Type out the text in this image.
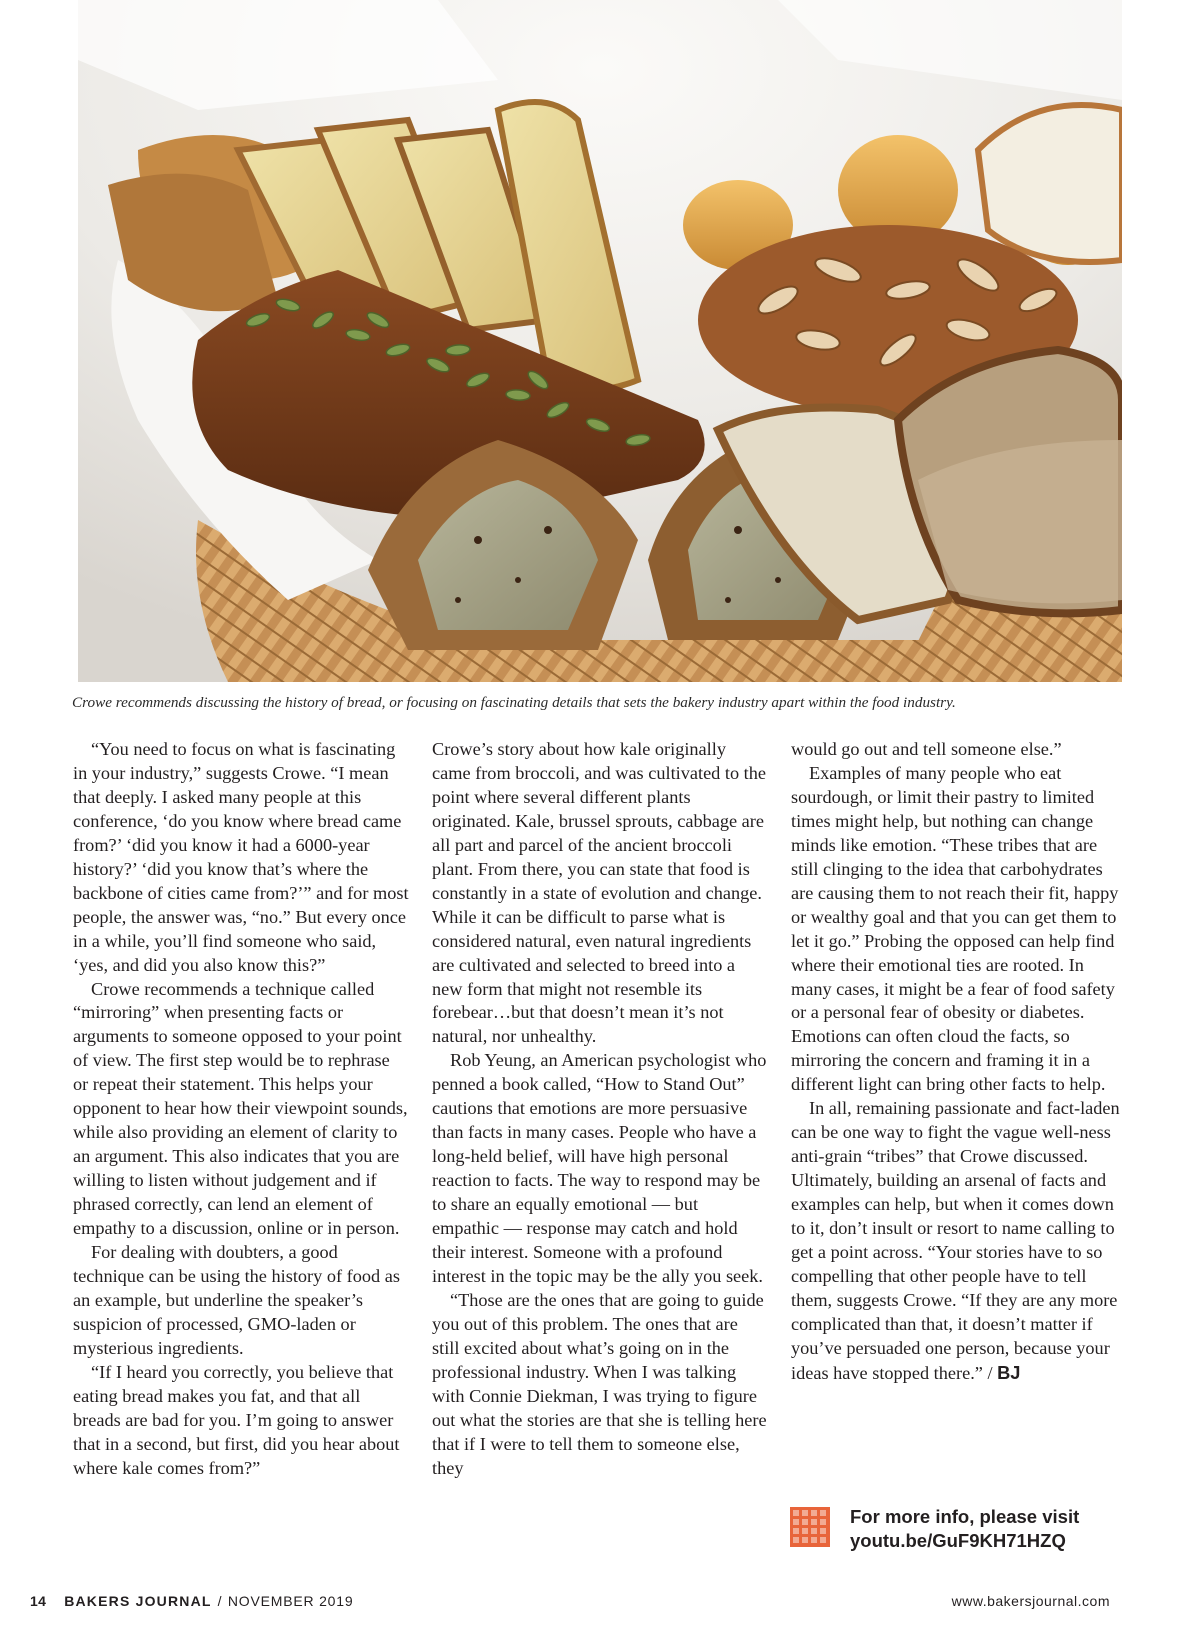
Crowe recommends discussing the history of bread, or focusing on fascinating details that sets the bakery industry apart within the food industry.

“You need to focus on what is fascinating in your industry,” suggests Crowe. “I mean that deeply. I asked many people at this conference, ‘do you know where bread came from?’ ‘did you know it had a 6000-year history?’ ‘did you know that’s where the backbone of cities came from?’” and for most people, the answer was, “no.” But every once in a while, you’ll find someone who said, ‘yes, and did you also know this?”

Crowe recommends a technique called “mirroring” when presenting facts or arguments to someone opposed to your point of view. The first step would be to rephrase or repeat their statement. This helps your opponent to hear how their viewpoint sounds, while also providing an element of clarity to an argument. This also indicates that you are willing to listen without judgement and if phrased correctly, can lend an element of empathy to a discussion, online or in person.

For dealing with doubters, a good technique can be using the history of food as an example, but underline the speaker’s suspicion of processed, GMO-laden or mysterious ingredients.

“If I heard you correctly, you believe that eating bread makes you fat, and that all breads are bad for you. I’m going to answer that in a second, but first, did you hear about where kale comes from?”

Crowe’s story about how kale originally came from broccoli, and was cultivated to the point where several different plants originated. Kale, brussel sprouts, cabbage are all part and parcel of the ancient broccoli plant. From there, you can state that food is constantly in a state of evolution and change. While it can be difficult to parse what is considered natural, even natural ingredients are cultivated and selected to breed into a new form that might not resemble its forebear…but that doesn’t mean it’s not natural, nor unhealthy.

Rob Yeung, an American psychologist who penned a book called, “How to Stand Out” cautions that emotions are more persuasive than facts in many cases. People who have a long-held belief, will have high personal reaction to facts. The way to respond may be to share an equally emotional — but empathic — response may catch and hold their interest. Someone with a profound interest in the topic may be the ally you seek.

“Those are the ones that are going to guide you out of this problem. The ones that are still excited about what’s going on in the professional industry. When I was talking with Connie Diekman, I was trying to figure out what the stories are that she is telling here that if I were to tell them to someone else, they

would go out and tell someone else.”

Examples of many people who eat sourdough, or limit their pastry to limited times might help, but nothing can change minds like emotion. “These tribes that are still clinging to the idea that carbohydrates are causing them to not reach their fit, happy or wealthy goal and that you can get them to let it go.” Probing the opposed can help find where their emotional ties are rooted. In many cases, it might be a fear of food safety or a personal fear of obesity or diabetes. Emotions can often cloud the facts, so mirroring the concern and framing it in a different light can bring other facts to help.

In all, remaining passionate and fact-laden can be one way to fight the vague well-ness anti-grain “tribes” that Crowe discussed. Ultimately, building an arsenal of facts and examples can help, but when it comes down to it, don’t insult or resort to name calling to get a point across. “Your stories have to so compelling that other people have to tell them, suggests Crowe. “If they are any more complicated than that, it doesn’t matter if you’ve persuaded one person, because your ideas have stopped there.” / BJ

For more info, please visit
youtu.be/GuF9KH71HZQ
14 BAKERS JOURNAL / NOVEMBER 2019	www.bakersjournal.com
